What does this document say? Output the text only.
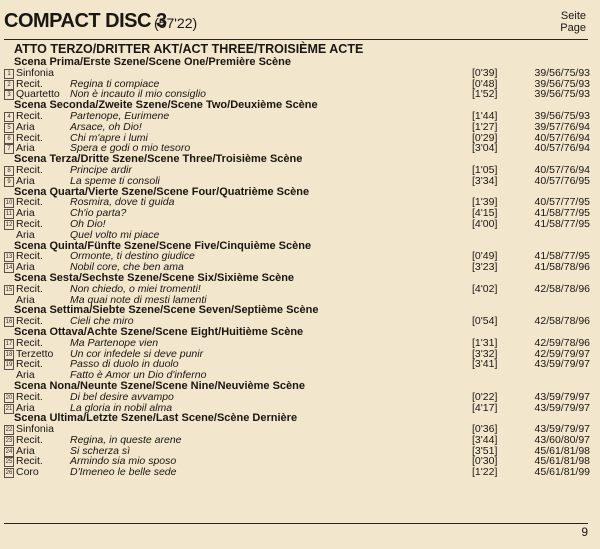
COMPACT DISC 3
(57'22)	Seite
Page
ATTO TERZO/DRITTER AKT/ACT THREE/TROISIÈME ACTE
Scena Prima/Erste Szene/Scene One/Première Scène
1 Sinfonia	[0'39]	39/56/75/93
2 Recit.	Regina ti compiace	[0'48]	39/56/75/93
3 Quartetto Non è incauto il mio consiglio	[1'52]	39/56/75/93
Scena Seconda/Zweite Szene/Scene Two/Deuxième Scène
4 Recit.	Partenope, Eurimene	[1'44]	39/56/75/93
5 Aria	Arsace, oh Dio!	[1'27]	39/57/76/94
6 Recit.	Chi m'apre i lumi	[0'29]	40/57/76/94
7 Aria	Spera e godi o mio tesoro	[3'04]	40/57/76/94
Scena Terza/Dritte Szene/Scene Three/Troisième Scène
8 Recit.	Principe ardir	[1'05]	40/57/76/94
9 Aria	La speme ti consoli	[3'34]	40/57/76/95
Scena Quarta/Vierte Szene/Scene Four/Quatrième Scène
10 Recit.	Rosmira, dove ti guida	[1'39]	40/57/77/95
11 Aria	Ch'io parta?	[4'15]	41/58/77/95
12 Recit.	Oh Dio!	[4'00]	41/58/77/95
Aria	Quel volto mi piace
Scena Quinta/Fünfte Szene/Scene Five/Cinquième Scène
13 Recit.	Ormonte, ti destino giudice	[0'49]	41/58/77/95
14 Aria	Nobil core, che ben ama	[3'23]	41/58/78/96
Scena Sesta/Sechste Szene/Scene Six/Sixième Scène
15 Recit.	Non chiedo, o miei tromenti!	[4'02]	42/58/78/96
Aria	Ma quai note di mesti lamenti
Scena Settima/Siebte Szene/Scene Seven/Septième Scène
16 Recit.	Cieli che miro	[0'54]	42/58/78/96
Scena Ottava/Achte Szene/Scene Eight/Huitième Scène
17 Recit.	Ma Partenope vien	[1'31]	42/59/78/96
18 Terzetto Un cor infedele si deve punir	[3'32]	42/59/79/97
19 Recit.	Passo di duolo in duolo	[3'41]	43/59/79/97
Aria	Fatto è Amor un Dio d'inferno
Scena Nona/Neunte Szene/Scene Nine/Neuvième Scène
20 Recit.	Di bel desire avvampo	[0'22]	43/59/79/97
21 Aria	La gloria in nobil alma	[4'17]	43/59/79/97
Scena Ultima/Letzte Szene/Last Scene/Scène Dernière
22 Sinfonia	[0'36]	43/59/79/97
23 Recit.	Regina, in queste arene	[3'44]	43/60/80/97
24 Aria	Si scherza sì	[3'51]	45/61/81/98
25 Recit.	Armindo sia mio sposo	[0'30]	45/61/81/98
26 Coro	D'Imeneo le belle sede	[1'22]	45/61/81/99
9
